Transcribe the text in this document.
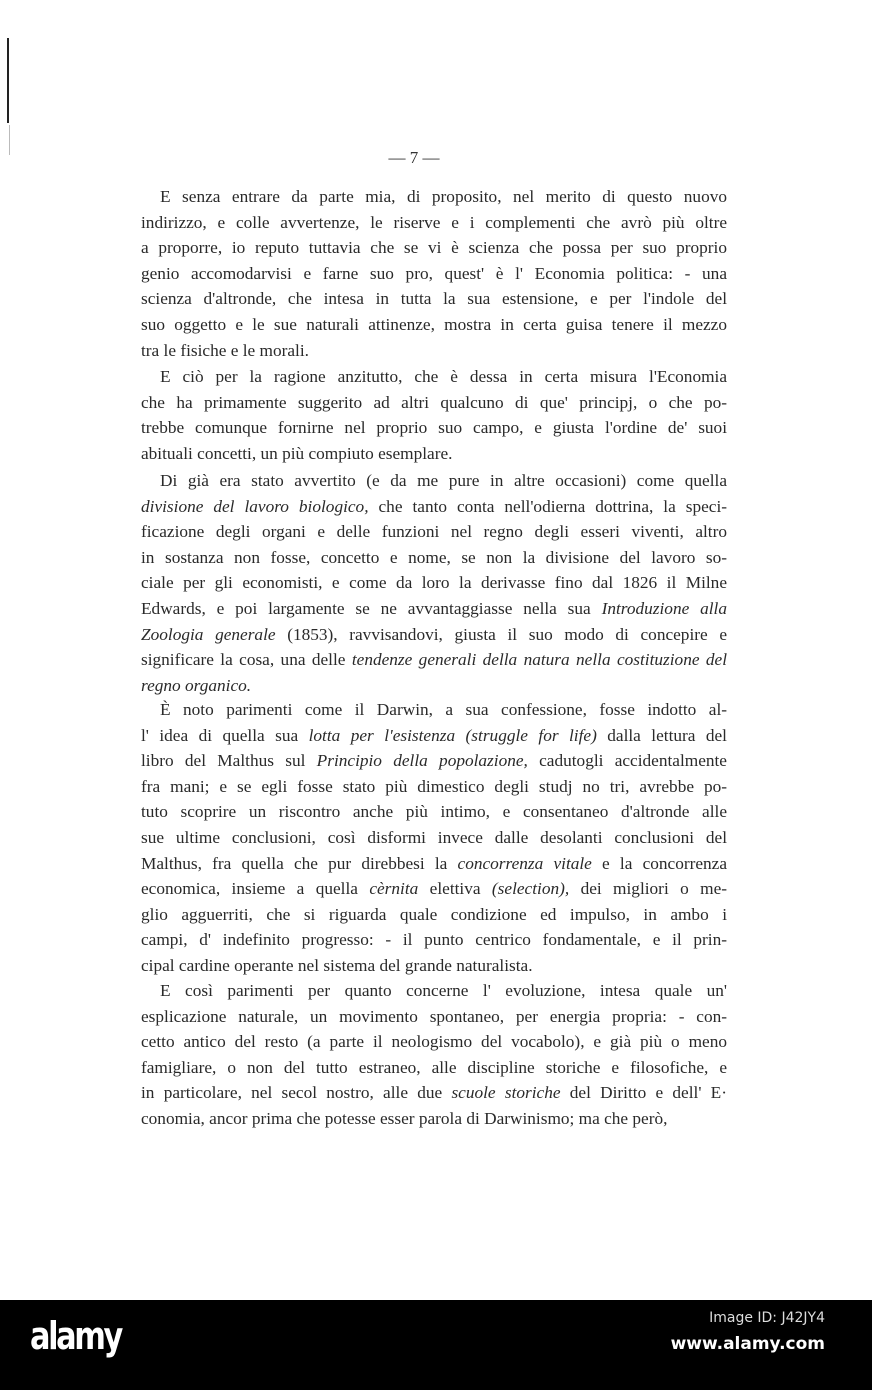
— 7 —
E senza entrare da parte mia, di proposito, nel merito di questo nuovo
indirizzo, e colle avvertenze, le riserve e i complementi che avrò più oltre
a proporre, io reputo tuttavia che se vi è scienza che possa per suo proprio
genio accomodarvisi e farne suo pro, quest' è l' Economia politica: - una
scienza d'altronde, che intesa in tutta la sua estensione, e per l'indole del
suo oggetto e le sue naturali attinenze, mostra in certa guisa tenere il mezzo
tra le fisiche e le morali.
E ciò per la ragione anzitutto, che è dessa in certa misura l'Economia
che ha primamente suggerito ad altri qualcuno di que' principj, o che po-
trebbe comunque fornirne nel proprio suo campo, e giusta l'ordine de' suoi
abituali concetti, un più compiuto esemplare.
Di già era stato avvertito (e da me pure in altre occasioni) come quella
divisione del lavoro biologico, che tanto conta nell'odierna dottrina, la speci-
ficazione degli organi e delle funzioni nel regno degli esseri viventi, altro
in sostanza non fosse, concetto e nome, se non la divisione del lavoro so-
ciale per gli economisti, e come da loro la derivasse fino dal 1826 il Milne
Edwards, e poi largamente se ne avvantaggiasse nella sua Introduzione alla
Zoologia generale (1853), ravvisandovi, giusta il suo modo di concepire e
significare la cosa, una delle tendenze generali della natura nella costituzione del
regno organico.
È noto parimenti come il Darwin, a sua confessione, fosse indotto al-
l' idea di quella sua lotta per l'esistenza (struggle for life) dalla lettura del
libro del Malthus sul Principio della popolazione, cadutogli accidentalmente
fra mani; e se egli fosse stato più dimestico degli studj no tri, avrebbe po-
tuto scoprire un riscontro anche più intimo, e consentaneo d'altronde alle
sue ultime conclusioni, così disformi invece dalle desolanti conclusioni del
Malthus, fra quella che pur direbbesi la concorrenza vitale e la concorrenza
economica, insieme a quella cèrnita elettiva (selection), dei migliori o me-
glio agguerriti, che si riguarda quale condizione ed impulso, in ambo i
campi, d' indefinito progresso: - il punto centrico fondamentale, e il prin-
cipal cardine operante nel sistema del grande naturalista.
E così parimenti per quanto concerne l' evoluzione, intesa quale un'
esplicazione naturale, un movimento spontaneo, per energia propria: - con-
cetto antico del resto (a parte il neologismo del vocabolo), e già più o meno
famigliare, o non del tutto estraneo, alle discipline storiche e filosofiche, e
in particolare, nel secol nostro, alle due scuole storiche del Diritto e dell' E·
conomia, ancor prima che potesse esser parola di Darwinismo; ma che però,
alamy	Image ID: J42JY4
www.alamy.com
